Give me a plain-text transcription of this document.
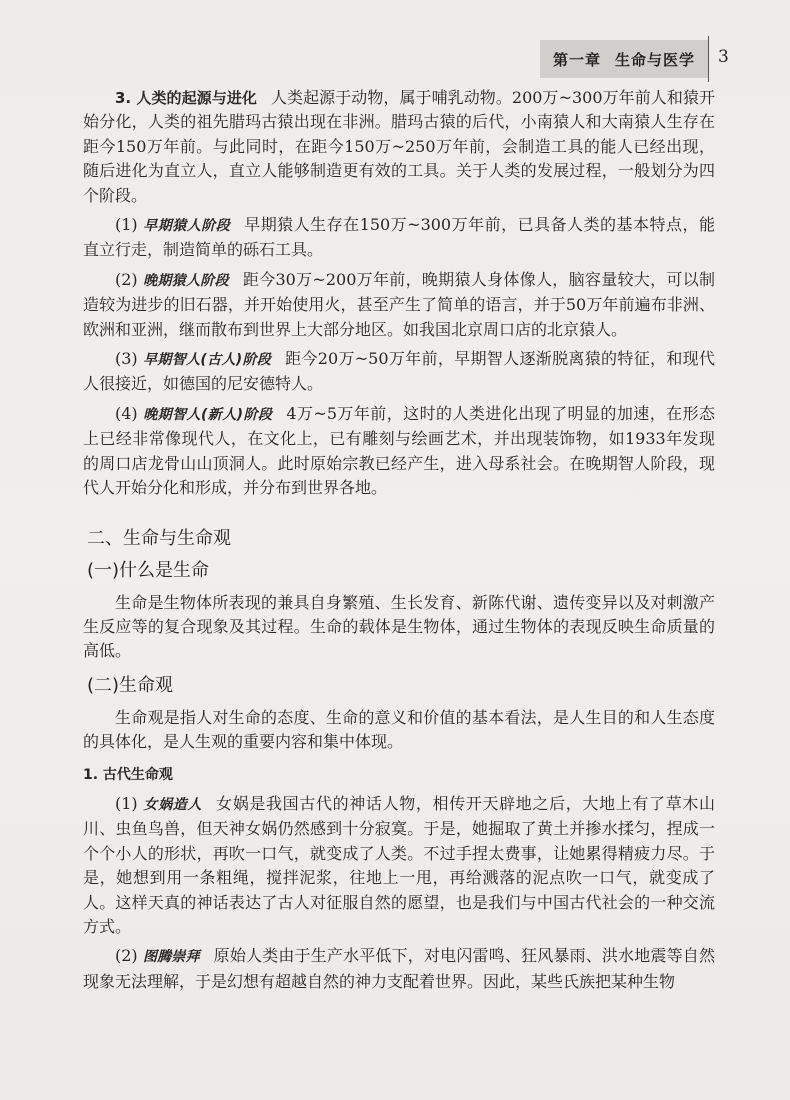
第一章 生命与医学 3

3. 人类的起源与进化 人类起源于动物，属于哺乳动物。200万~300万年前人和猿开始分化，人类的祖先腊玛古猿出现在非洲。腊玛古猿的后代，小南猿人和大南猿人生存在距今150万年前。与此同时，在距今150万~250万年前，会制造工具的能人已经出现，随后进化为直立人，直立人能够制造更有效的工具。关于人类的发展过程，一般划分为四个阶段。

(1) 早期猿人阶段 早期猿人生存在150万~300万年前，已具备人类的基本特点，能直立行走，制造简单的砾石工具。

(2) 晚期猿人阶段 距今30万~200万年前，晚期猿人身体像人，脑容量较大，可以制造较为进步的旧石器，并开始使用火，甚至产生了简单的语言，并于50万年前遍布非洲、欧洲和亚洲，继而散布到世界上大部分地区。如我国北京周口店的北京猿人。

(3) 早期智人(古人)阶段 距今20万~50万年前，早期智人逐渐脱离猿的特征，和现代人很接近，如德国的尼安德特人。

(4) 晚期智人(新人)阶段 4万~5万年前，这时的人类进化出现了明显的加速，在形态上已经非常像现代人，在文化上，已有雕刻与绘画艺术，并出现装饰物，如1933年发现的周口店龙骨山山顶洞人。此时原始宗教已经产生，进入母系社会。在晚期智人阶段，现代人开始分化和形成，并分布到世界各地。

二、生命与生命观
(一)什么是生命

生命是生物体所表现的兼具自身繁殖、生长发育、新陈代谢、遗传变异以及对刺激产生反应等的复合现象及其过程。生命的载体是生物体，通过生物体的表现反映生命质量的高低。

(二)生命观

生命观是指人对生命的态度、生命的意义和价值的基本看法，是人生目的和人生态度的具体化，是人生观的重要内容和集中体现。

1. 古代生命观

(1) 女娲造人 女娲是我国古代的神话人物，相传开天辟地之后，大地上有了草木山川、虫鱼鸟兽，但天神女娲仍然感到十分寂寞。于是，她掘取了黄土并掺水揉匀，捏成一个个小人的形状，再吹一口气，就变成了人类。不过手捏太费事，让她累得精疲力尽。于是，她想到用一条粗绳，搅拌泥浆，往地上一甩，再给溅落的泥点吹一口气，就变成了人。这样天真的神话表达了古人对征服自然的愿望，也是我们与中国古代社会的一种交流方式。

(2) 图腾崇拜 原始人类由于生产水平低下，对电闪雷鸣、狂风暴雨、洪水地震等自然现象无法理解，于是幻想有超越自然的神力支配着世界。因此，某些氏族把某种生物
